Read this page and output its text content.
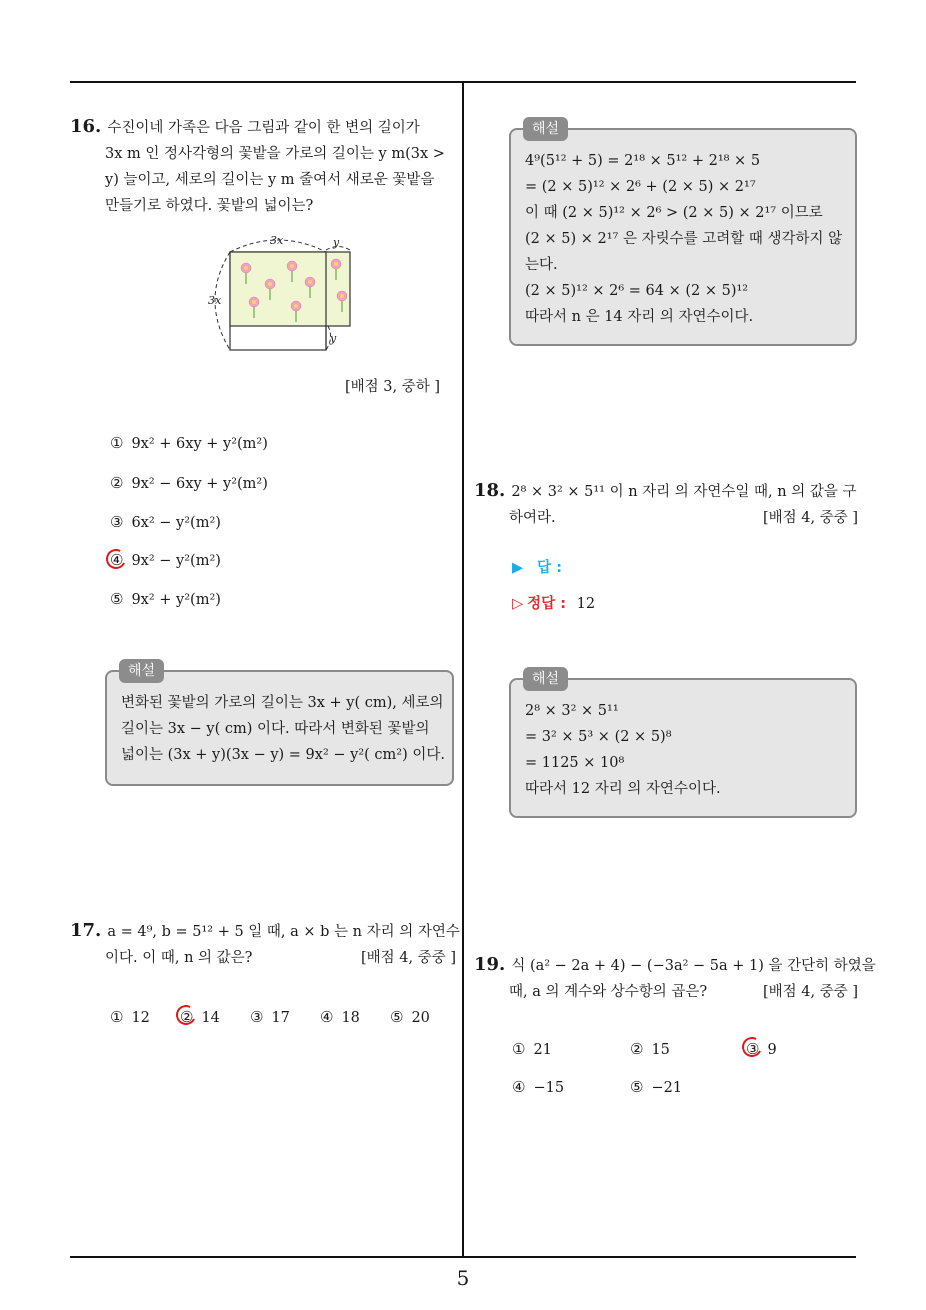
16. 수진이네 가족은 다음 그림과 같이 한 변의 길이가
3x m 인 정사각형의 꽃밭을 가로의 길이는 y m(3x >
y) 늘이고, 세로의 길이는 y m 줄여서 새로운 꽃밭을
만들기로 하였다. 꽃밭의 넓이는?
3x	y
3x
y
[배점 3, 중하 ]
① 9x² + 6xy + y²(m²)
② 9x² − 6xy + y²(m²)
③ 6x² − y²(m²)
④ 9x² − y²(m²)
⑤ 9x² + y²(m²)
해설
변화된 꽃밭의 가로의 길이는 3x + y( cm), 세로의
길이는 3x − y( cm) 이다. 따라서 변화된 꽃밭의
넓이는 (3x + y)(3x − y) = 9x² − y²( cm²) 이다.
17. a = 4⁹, b = 5¹² + 5 일 때, a × b 는 n 자리 의 자연수
이다. 이 때, n 의 값은?	[배점 4, 중중 ]
① 12 ② 14 ③ 17 ④ 18 ⑤ 20
해설
4⁹(5¹² + 5) = 2¹⁸ × 5¹² + 2¹⁸ × 5
= (2 × 5)¹² × 2⁶ + (2 × 5) × 2¹⁷
이 때 (2 × 5)¹² × 2⁶ > (2 × 5) × 2¹⁷ 이므로
(2 × 5) × 2¹⁷ 은 자릿수를 고려할 때 생각하지 않
는다.
(2 × 5)¹² × 2⁶ = 64 × (2 × 5)¹²
따라서 n 은 14 자리 의 자연수이다.
18. 2⁸ × 3² × 5¹¹ 이 n 자리 의 자연수일 때, n 의 값을 구
하여라.	[배점 4, 중중 ]
▶ 답 :
▷ 정답 : 12
해설
2⁸ × 3² × 5¹¹
= 3² × 5³ × (2 × 5)⁸
= 1125 × 10⁸
따라서 12 자리 의 자연수이다.
19. 식 (a² − 2a + 4) − (−3a² − 5a + 1) 을 간단히 하였을
때, a 의 계수와 상수항의 곱은?	[배점 4, 중중 ]
① 21	② 15	③ 9
④ −15	⑤ −21
5
